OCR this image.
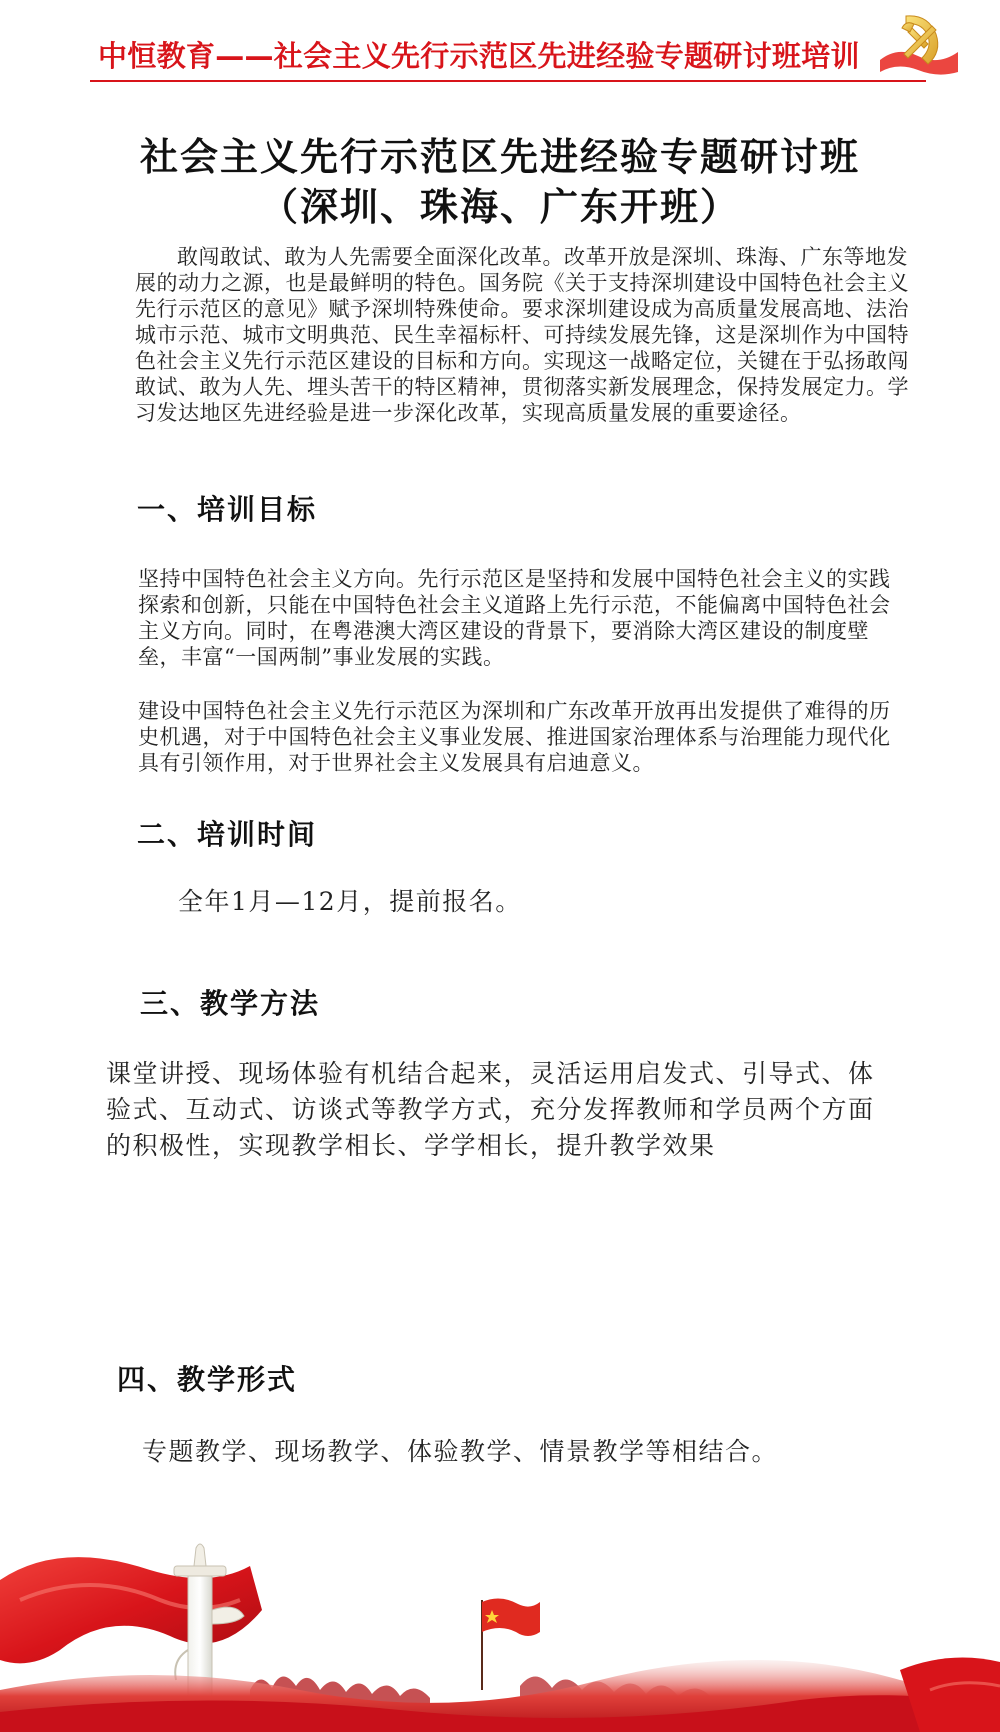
中恒教育——社会主义先行示范区先进经验专题研讨班培训
社会主义先行示范区先进经验专题研讨班
（深圳、珠海、广东开班）

敢闯敢试、敢为人先需要全面深化改革。改革开放是深圳、珠海、广东等地发展的动力之源，也是最鲜明的特色。国务院《关于支持深圳建设中国特色社会主义先行示范区的意见》赋予深圳特殊使命。要求深圳建设成为高质量发展高地、法治城市示范、城市文明典范、民生幸福标杆、可持续发展先锋，这是深圳作为中国特色社会主义先行示范区建设的目标和方向。实现这一战略定位，关键在于弘扬敢闯敢试、敢为人先、埋头苦干的特区精神，贯彻落实新发展理念，保持发展定力。学习发达地区先进经验是进一步深化改革，实现高质量发展的重要途径。

一、培训目标

坚持中国特色社会主义方向。先行示范区是坚持和发展中国特色社会主义的实践探索和创新，只能在中国特色社会主义道路上先行示范，不能偏离中国特色社会主义方向。同时，在粤港澳大湾区建设的背景下，要消除大湾区建设的制度壁垒，丰富“一国两制”事业发展的实践。

建设中国特色社会主义先行示范区为深圳和广东改革开放再出发提供了难得的历史机遇，对于中国特色社会主义事业发展、推进国家治理体系与治理能力现代化具有引领作用，对于世界社会主义发展具有启迪意义。

二、培训时间

全年1月—12月，提前报名。

三、教学方法

课堂讲授、现场体验有机结合起来，灵活运用启发式、引导式、体验式、互动式、访谈式等教学方式，充分发挥教师和学员两个方面的积极性，实现教学相长、学学相长，提升教学效果

四、教学形式

专题教学、现场教学、体验教学、情景教学等相结合。
